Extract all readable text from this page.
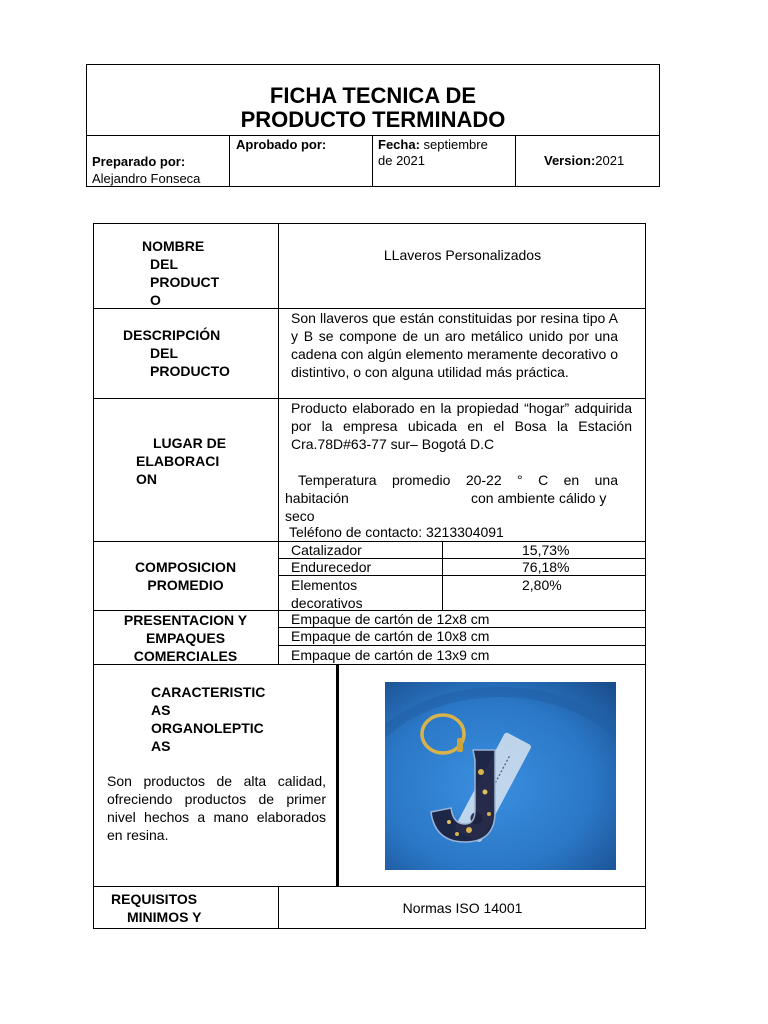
FICHA TECNICA DE
PRODUCTO TERMINADO
Preparado por:
Alejandro Fonseca
Aprobado por:	Fecha: septiembre
de 2021	Version:2021
NOMBRE
DEL
PRODUCT
O
LLaveros Personalizados
DESCRIPCIÓN
DEL
PRODUCTO
Son llaveros que están constituidas por resina tipo A y B se compone de un aro metálico unido por una cadena con algún elemento meramente decorativo o distintivo, o con alguna utilidad más práctica.
LUGAR DE
ELABORACI
ON
Producto elaborado en la propiedad “hogar” adquirida por la empresa ubicada en el Bosa la Estación Cra.78D#63-77 sur– Bogotá D.C
Temperatura promedio 20-22 ° C en una
habitación	con ambiente cálido y
seco
Teléfono de contacto: 3213304091
COMPOSICION
PROMEDIO
Catalizador	15,73%
Endurecedor	76,18%
Elementos decorativos
2,80%
PRESENTACION Y
EMPAQUES
COMERCIALES
Empaque de cartón de 12x8 cm
Empaque de cartón de 10x8 cm
Empaque de cartón de 13x9 cm
CARACTERISTIC
AS
ORGANOLEPTIC
AS
Son productos de alta calidad, ofreciendo productos de primer nivel hechos a mano elaborados en resina.
REQUISITOS
MINIMOS Y
Normas ISO 14001
